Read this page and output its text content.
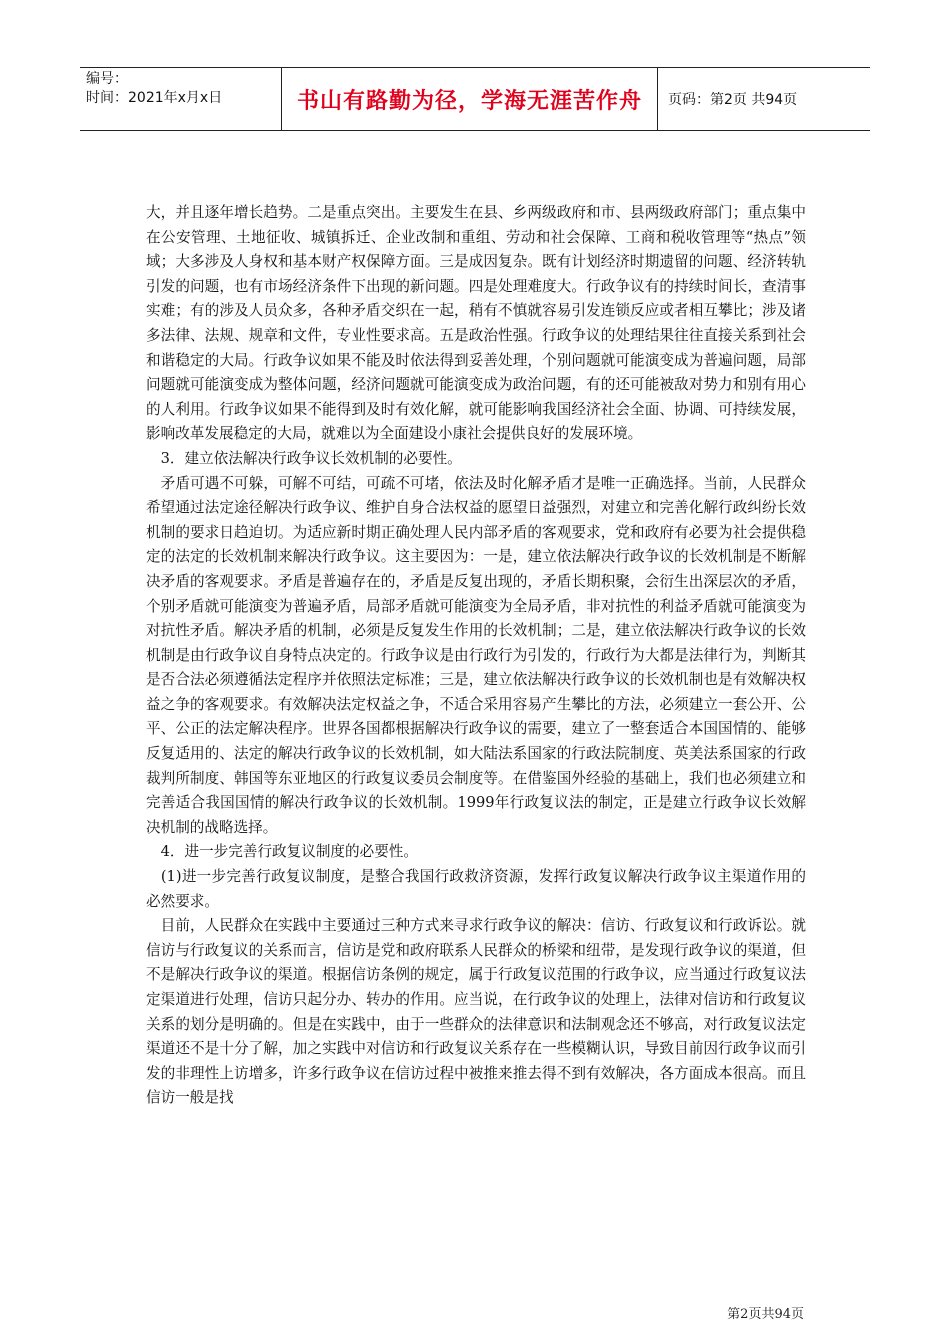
编号：
时间：2021年x月x日	书山有路勤为径，学海无涯苦作舟	页码：第2页 共94页

大，并且逐年增长趋势。二是重点突出。主要发生在县、乡两级政府和市、县两级政府部门；重点集中在公安管理、土地征收、城镇拆迁、企业改制和重组、劳动和社会保障、工商和税收管理等“热点”领域；大多涉及人身权和基本财产权保障方面。三是成因复杂。既有计划经济时期遗留的问题、经济转轨引发的问题，也有市场经济条件下出现的新问题。四是处理难度大。行政争议有的持续时间长，查清事实难；有的涉及人员众多，各种矛盾交织在一起，稍有不慎就容易引发连锁反应或者相互攀比；涉及诸多法律、法规、规章和文件，专业性要求高。五是政治性强。行政争议的处理结果往往直接关系到社会和谐稳定的大局。行政争议如果不能及时依法得到妥善处理，个别问题就可能演变成为普遍问题，局部问题就可能演变成为整体问题，经济问题就可能演变成为政治问题，有的还可能被敌对势力和别有用心的人利用。行政争议如果不能得到及时有效化解，就可能影响我国经济社会全面、协调、可持续发展，影响改革发展稳定的大局，就难以为全面建设小康社会提供良好的发展环境。

　3．建立依法解决行政争议长效机制的必要性。

　矛盾可遇不可躲，可解不可结，可疏不可堵，依法及时化解矛盾才是唯一正确选择。当前，人民群众希望通过法定途径解决行政争议、维护自身合法权益的愿望日益强烈，对建立和完善化解行政纠纷长效机制的要求日趋迫切。为适应新时期正确处理人民内部矛盾的客观要求，党和政府有必要为社会提供稳定的法定的长效机制来解决行政争议。这主要因为：一是，建立依法解决行政争议的长效机制是不断解决矛盾的客观要求。矛盾是普遍存在的，矛盾是反复出现的，矛盾长期积聚，会衍生出深层次的矛盾，个别矛盾就可能演变为普遍矛盾，局部矛盾就可能演变为全局矛盾，非对抗性的利益矛盾就可能演变为对抗性矛盾。解决矛盾的机制，必须是反复发生作用的长效机制；二是，建立依法解决行政争议的长效机制是由行政争议自身特点决定的。行政争议是由行政行为引发的，行政行为大都是法律行为，判断其是否合法必须遵循法定程序并依照法定标准；三是，建立依法解决行政争议的长效机制也是有效解决权益之争的客观要求。有效解决法定权益之争，不适合采用容易产生攀比的方法，必须建立一套公开、公平、公正的法定解决程序。世界各国都根据解决行政争议的需要，建立了一整套适合本国国情的、能够反复适用的、法定的解决行政争议的长效机制，如大陆法系国家的行政法院制度、英美法系国家的行政裁判所制度、韩国等东亚地区的行政复议委员会制度等。在借鉴国外经验的基础上，我们也必须建立和完善适合我国国情的解决行政争议的长效机制。1999年行政复议法的制定，正是建立行政争议长效解决机制的战略选择。

　4．进一步完善行政复议制度的必要性。

　(1)进一步完善行政复议制度，是整合我国行政救济资源，发挥行政复议解决行政争议主渠道作用的必然要求。

　目前，人民群众在实践中主要通过三种方式来寻求行政争议的解决：信访、行政复议和行政诉讼。就信访与行政复议的关系而言，信访是党和政府联系人民群众的桥梁和纽带，是发现行政争议的渠道，但不是解决行政争议的渠道。根据信访条例的规定，属于行政复议范围的行政争议，应当通过行政复议法定渠道进行处理，信访只起分办、转办的作用。应当说，在行政争议的处理上，法律对信访和行政复议关系的划分是明确的。但是在实践中，由于一些群众的法律意识和法制观念还不够高，对行政复议法定渠道还不是十分了解，加之实践中对信访和行政复议关系存在一些模糊认识，导致目前因行政争议而引发的非理性上访增多，许多行政争议在信访过程中被推来推去得不到有效解决，各方面成本很高。而且信访一般是找

第2页共94页
